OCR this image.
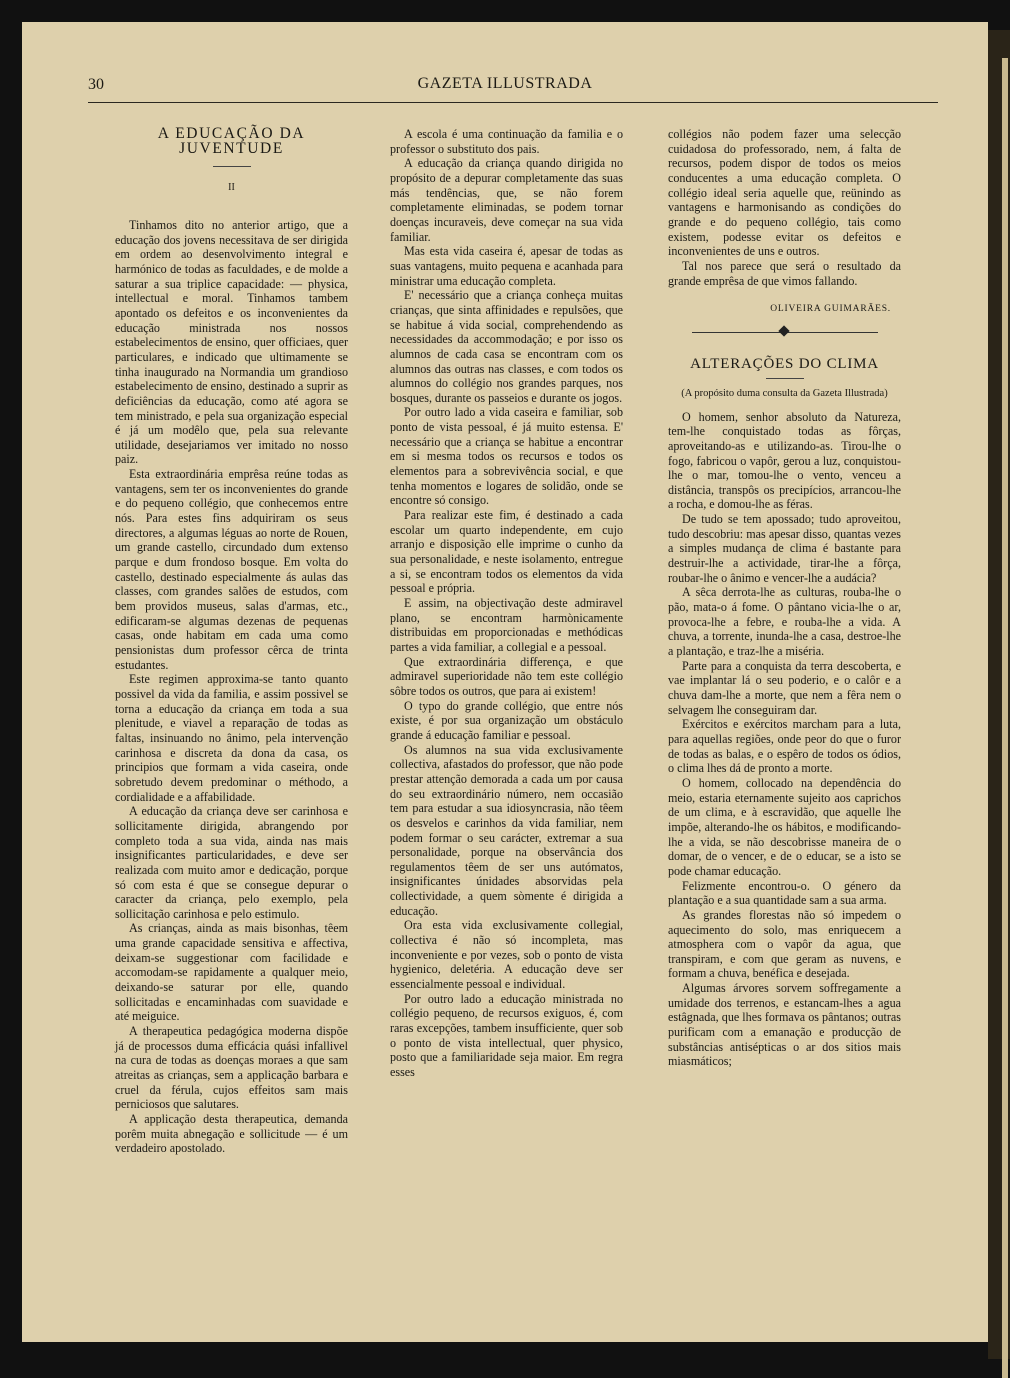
30	GAZETA ILLUSTRADA
A EDUCAÇÃO DA JUVENTUDE
II

Tinhamos dito no anterior artigo, que a educação dos jovens necessitava de ser dirigida em ordem ao desenvolvimento integral e harmónico de todas as faculdades, e de molde a saturar a sua triplice capacidade: — physica, intellectual e moral. Tinhamos tambem apontado os defeitos e os inconvenientes da educação ministrada nos nossos estabelecimentos de ensino, quer officiaes, quer particulares, e indicado que ultimamente se tinha inaugurado na Normandia um grandioso estabelecimento de ensino, destinado a suprir as deficiências da educação, como até agora se tem ministrado, e pela sua organização especial é já um modêlo que, pela sua relevante utilidade, desejariamos ver imitado no nosso paiz.

Esta extraordinária emprêsa reúne todas as vantagens, sem ter os inconvenientes do grande e do pequeno collégio, que conhecemos entre nós. Para estes fins adquiriram os seus directores, a algumas léguas ao norte de Rouen, um grande castello, circundado dum extenso parque e dum frondoso bosque. Em volta do castello, destinado especialmente ás aulas das classes, com grandes salões de estudos, com bem providos museus, salas d'armas, etc., edificaram-se algumas dezenas de pequenas casas, onde habitam em cada uma como pensionistas dum professor cêrca de trinta estudantes.

Este regimen approxima-se tanto quanto possivel da vida da familia, e assim possivel se torna a educação da criança em toda a sua plenitude, e viavel a reparação de todas as faltas, insinuando no ânimo, pela intervenção carinhosa e discreta da dona da casa, os principios que formam a vida caseira, onde sobretudo devem predominar o méthodo, a cordialidade e a affabilidade.

A educação da criança deve ser carinhosa e sollicitamente dirigida, abrangendo por completo toda a sua vida, ainda nas mais insignificantes particularidades, e deve ser realizada com muito amor e dedicação, porque só com esta é que se consegue depurar o caracter da criança, pelo exemplo, pela sollicitação carinhosa e pelo estimulo.

As crianças, ainda as mais bisonhas, têem uma grande capacidade sensitiva e affectiva, deixam-se suggestionar com facilidade e accomodam-se rapidamente a qualquer meio, deixando-se saturar por elle, quando sollicitadas e encaminhadas com suavidade e até meiguice.

A therapeutica pedagógica moderna dispõe já de processos duma efficácia quási infallivel na cura de todas as doenças moraes a que sam atreitas as crianças, sem a applicação barbara e cruel da férula, cujos effeitos sam mais perniciosos que salutares.

A applicação desta therapeutica, demanda porêm muita abnegação e sollicitude — é um verdadeiro apostolado.

A escola é uma continuação da familia e o professor o substituto dos pais.

A educação da criança quando dirigida no propósito de a depurar completamente das suas más tendências, que, se não forem completamente eliminadas, se podem tornar doenças incuraveis, deve começar na sua vida familiar.

Mas esta vida caseira é, apesar de todas as suas vantagens, muito pequena e acanhada para ministrar uma educação completa.

E' necessário que a criança conheça muitas crianças, que sinta affinidades e repulsões, que se habitue á vida social, comprehendendo as necessidades da accommodação; e por isso os alumnos de cada casa se encontram com os alumnos das outras nas classes, e com todos os alumnos do collégio nos grandes parques, nos bosques, durante os passeios e durante os jogos.

Por outro lado a vida caseira e familiar, sob ponto de vista pessoal, é já muito estensa. E' necessário que a criança se habitue a encontrar em si mesma todos os recursos e todos os elementos para a sobrevivência social, e que tenha momentos e logares de solidão, onde se encontre só consigo.

Para realizar este fim, é destinado a cada escolar um quarto independente, em cujo arranjo e disposição elle imprime o cunho da sua personalidade, e neste isolamento, entregue a si, se encontram todos os elementos da vida pessoal e própria.

E assim, na objectivação deste admiravel plano, se encontram harmònicamente distribuidas em proporcionadas e methódicas partes a vida familiar, a collegial e a pessoal.

Que extraordinária differença, e que admiravel superioridade não tem este collégio sôbre todos os outros, que para ai existem!

O typo do grande collégio, que entre nós existe, é por sua organização um obstáculo grande á educação familiar e pessoal.

Os alumnos na sua vida exclusivamente collectiva, afastados do professor, que não pode prestar attenção demorada a cada um por causa do seu extraordinário número, nem occasião tem para estudar a sua idiosyncrasia, não têem os desvelos e carinhos da vida familiar, nem podem formar o seu carácter, extremar a sua personalidade, porque na observância dos regulamentos têem de ser uns autómatos, insignificantes únidades absorvidas pela collectividade, a quem sòmente é dirigida a educação.

Ora esta vida exclusivamente collegial, collectiva é não só incompleta, mas inconveniente e por vezes, sob o ponto de vista hygienico, deletéria. A educação deve ser essencialmente pessoal e individual.

Por outro lado a educação ministrada no collégio pequeno, de recursos exiguos, é, com raras excepções, tambem insufficiente, quer sob o ponto de vista intellectual, quer physico, posto que a familiaridade seja maior. Em regra esses

collégios não podem fazer uma selecção cuidadosa do professorado, nem, á falta de recursos, podem dispor de todos os meios conducentes a uma educação completa. O collégio ideal seria aquelle que, reünindo as vantagens e harmonisando as condições do grande e do pequeno collégio, tais como existem, podesse evitar os defeitos e inconvenientes de uns e outros.

Tal nos parece que será o resultado da grande emprêsa de que vimos fallando.

OLIVEIRA GUIMARÃES.
ALTERAÇÕES DO CLIMA
(A propósito duma consulta da Gazeta Illustrada)

O homem, senhor absoluto da Natureza, tem-lhe conquistado todas as fôrças, aproveitando-as e utilizando-as. Tirou-lhe o fogo, fabricou o vapôr, gerou a luz, conquistou-lhe o mar, tomou-lhe o vento, venceu a distância, transpôs os precipícios, arrancou-lhe a rocha, e domou-lhe as féras.

De tudo se tem apossado; tudo aproveitou, tudo descobriu: mas apesar disso, quantas vezes a simples mudança de clima é bastante para destruir-lhe a actividade, tirar-lhe a fôrça, roubar-lhe o ânimo e vencer-lhe a audácia?

A sêca derrota-lhe as culturas, rouba-lhe o pão, mata-o á fome. O pântano vicia-lhe o ar, provoca-lhe a febre, e rouba-lhe a vida. A chuva, a torrente, inunda-lhe a casa, destroe-lhe a plantação, e traz-lhe a miséria.

Parte para a conquista da terra descoberta, e vae implantar lá o seu poderio, e o calôr e a chuva dam-lhe a morte, que nem a fêra nem o selvagem lhe conseguiram dar.

Exércitos e exércitos marcham para a luta, para aquellas regiões, onde peor do que o furor de todas as balas, e o espêro de todos os ódios, o clima lhes dá de pronto a morte.

O homem, collocado na dependência do meio, estaria eternamente sujeito aos caprichos de um clima, e à escravidão, que aquelle lhe impõe, alterando-lhe os hábitos, e modificando-lhe a vida, se não descobrisse maneira de o domar, de o vencer, e de o educar, se a isto se pode chamar educação.

Felizmente encontrou-o. O género da plantação e a sua quantidade sam a sua arma.

As grandes florestas não só impedem o aquecimento do solo, mas enriquecem a atmosphera com o vapôr da agua, que transpiram, e com que geram as nuvens, e formam a chuva, benéfica e desejada.

Algumas árvores sorvem soffregamente a umidade dos terrenos, e estancam-lhes a agua estâgnada, que lhes formava os pântanos; outras purificam com a emanação e producção de substâncias antisépticas o ar dos sitios mais miasmáticos;
